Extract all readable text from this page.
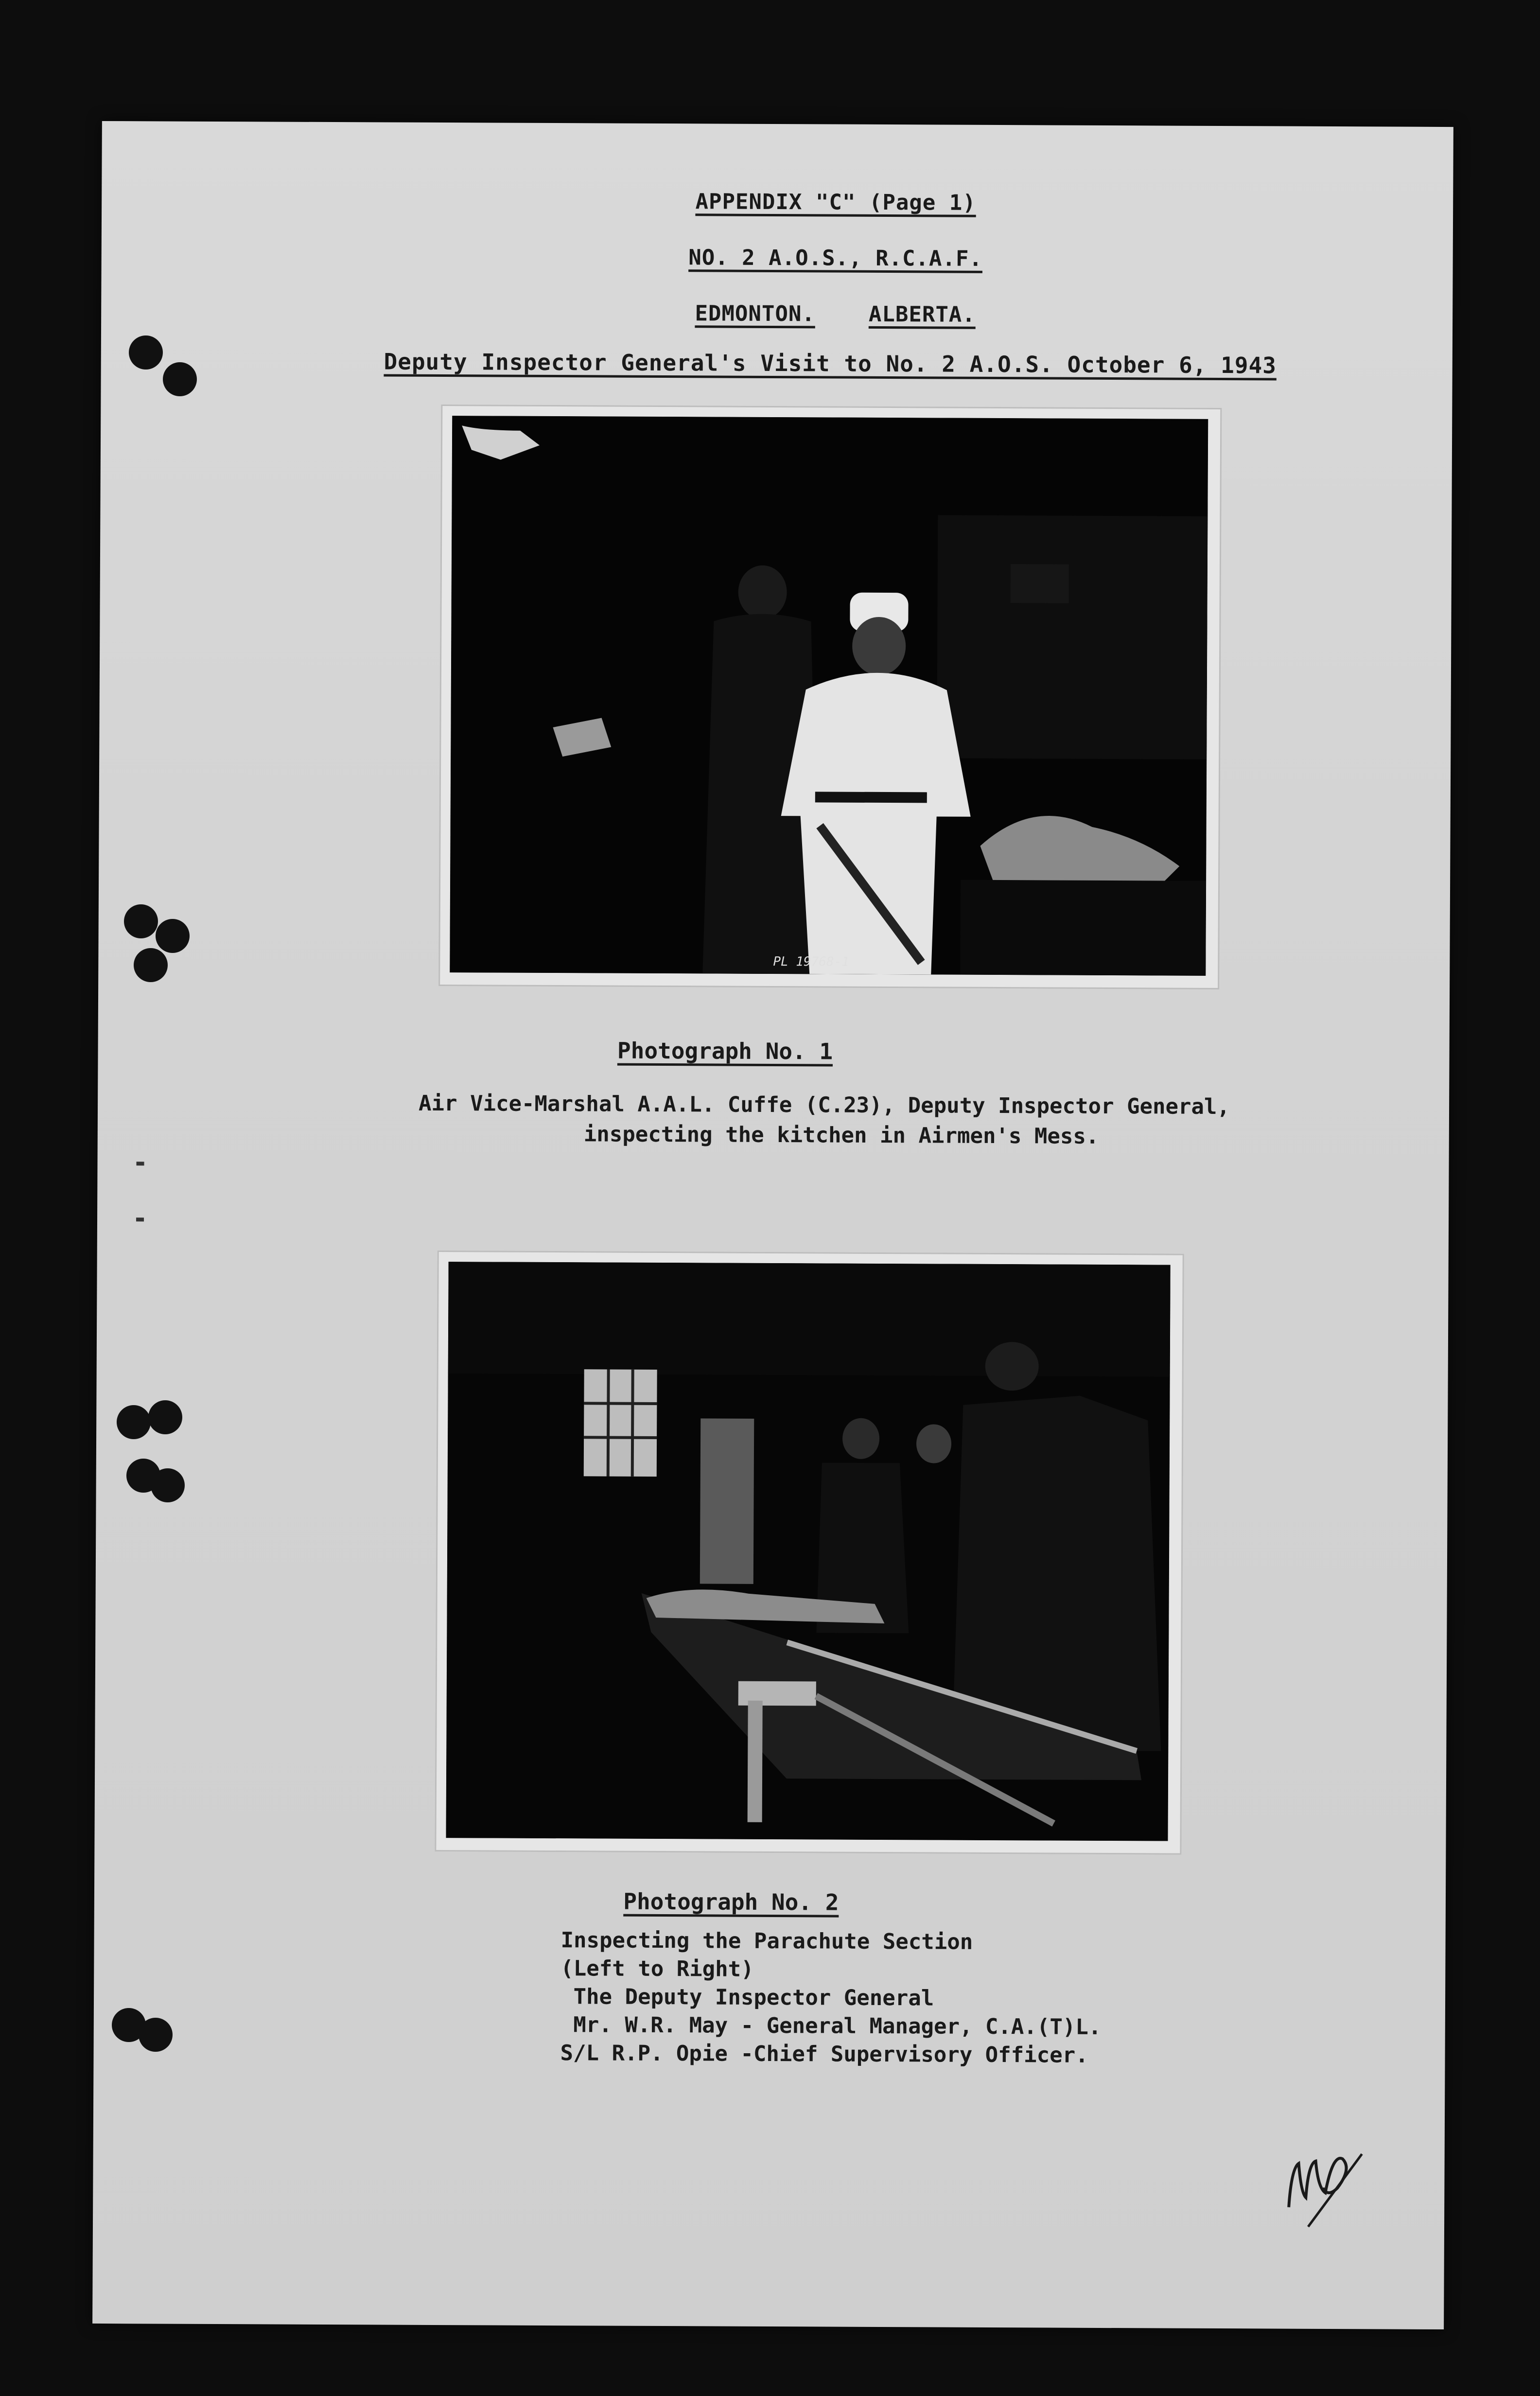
APPENDIX "C" (Page 1)
NO. 2 A.O.S., R.C.A.F.
EDMONTON. ALBERTA.
Deputy Inspector General's Visit to No. 2 A.O.S. October 6, 1943
PL 19768-1
Photograph No. 1
Air Vice-Marshal A.A.L. Cuffe (C.23), Deputy Inspector General,
inspecting the kitchen in Airmen's Mess.
Photograph No. 2
Inspecting the Parachute Section
(Left to Right)
The Deputy Inspector General
Mr. W.R. May - General Manager, C.A.(T)L.
S/L R.P. Opie -Chief Supervisory Officer.
